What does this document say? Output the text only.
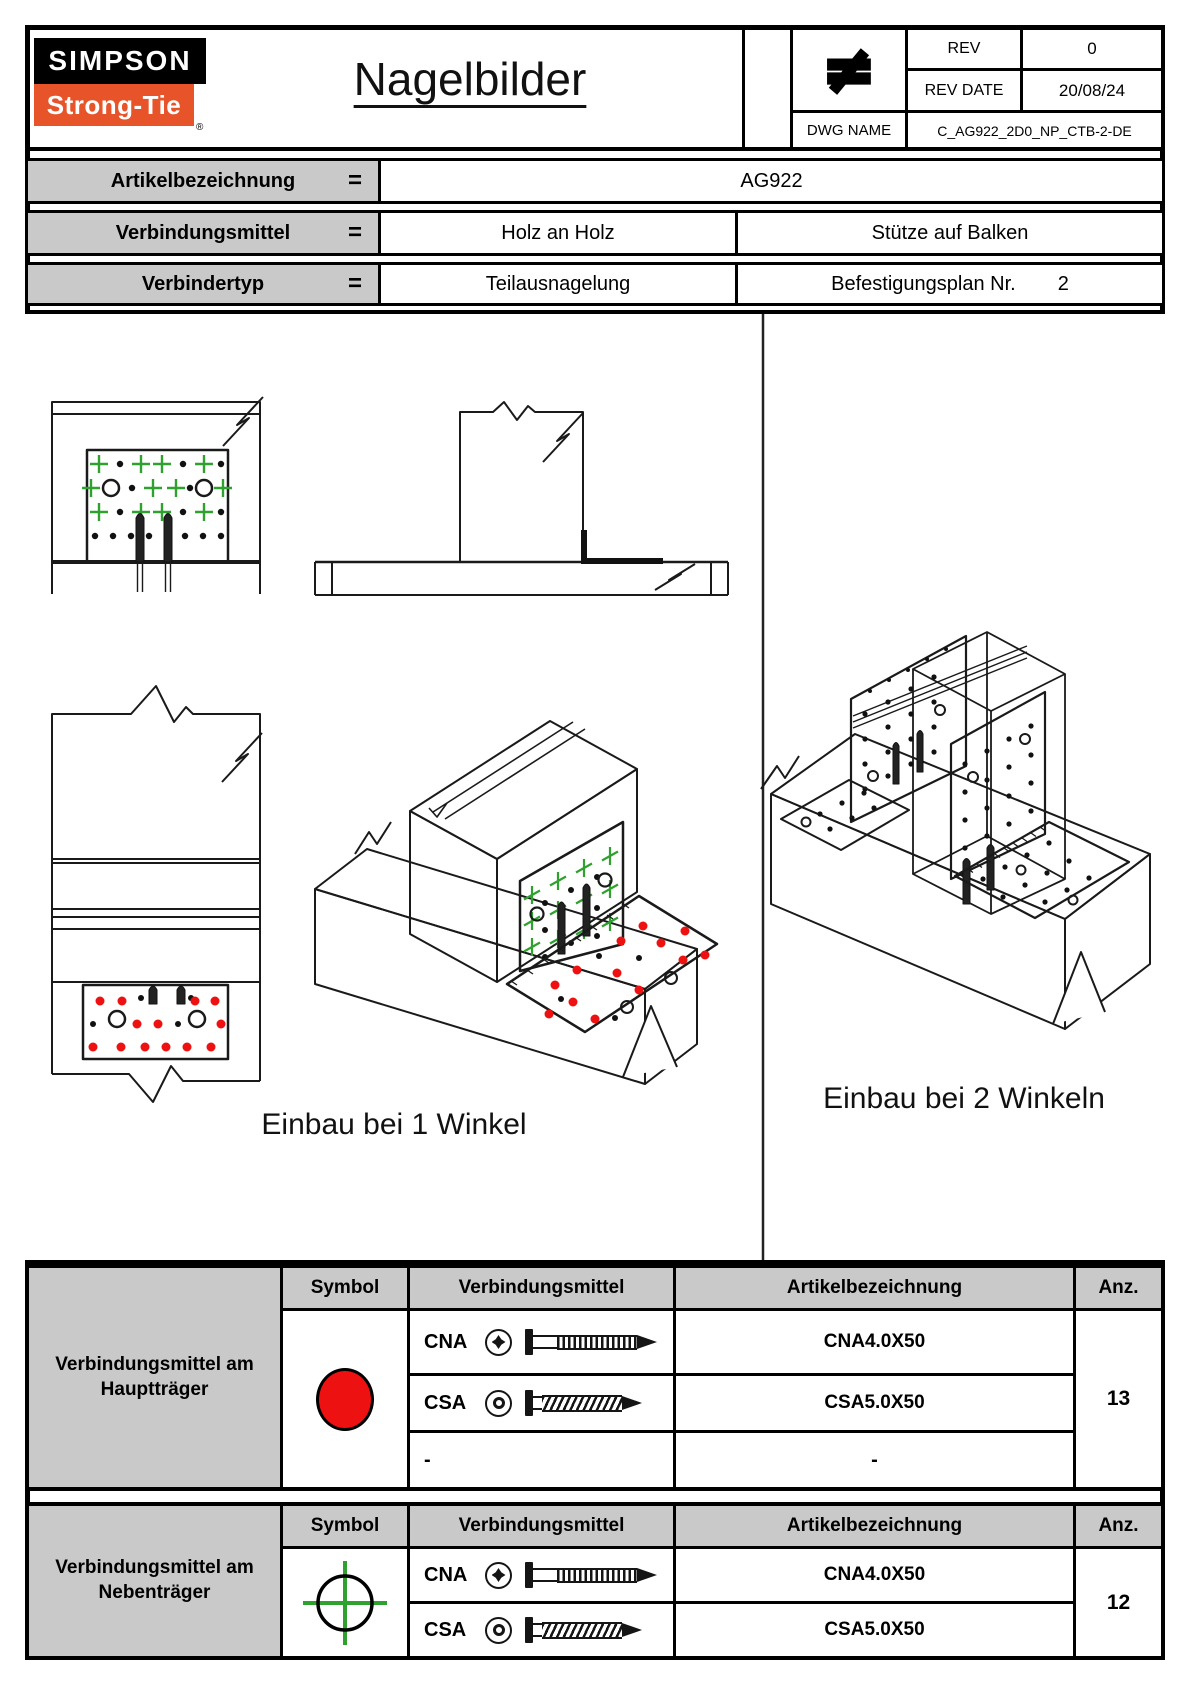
SIMPSON
Strong-Tie
®
Nagelbilder	≠	REV	0
REV DATE	20/08/24
DWG NAME	C_AG922_2D0_NP_CTB-2-DE
Artikelbezeichnung =	AG922
Verbindungsmittel =	Holz an Holz	Stütze auf Balken
Verbindertyp	=	Teilausnagelung	Befestigungsplan Nr. 2
Einbau bei 1 Winkel
Einbau bei 2 Winkeln
Verbindungsmittel am Hauptträger
Symbol	Verbindungsmittel	Artikelbezeichnung	Anz.
CNA	CNA4.0X50
13
CSA	CSA5.0X50
-	-
Verbindungsmittel am Nebenträger
Symbol	Verbindungsmittel	Artikelbezeichnung	Anz.
CNA	CNA4.0X50
12
CSA	CSA5.0X50
